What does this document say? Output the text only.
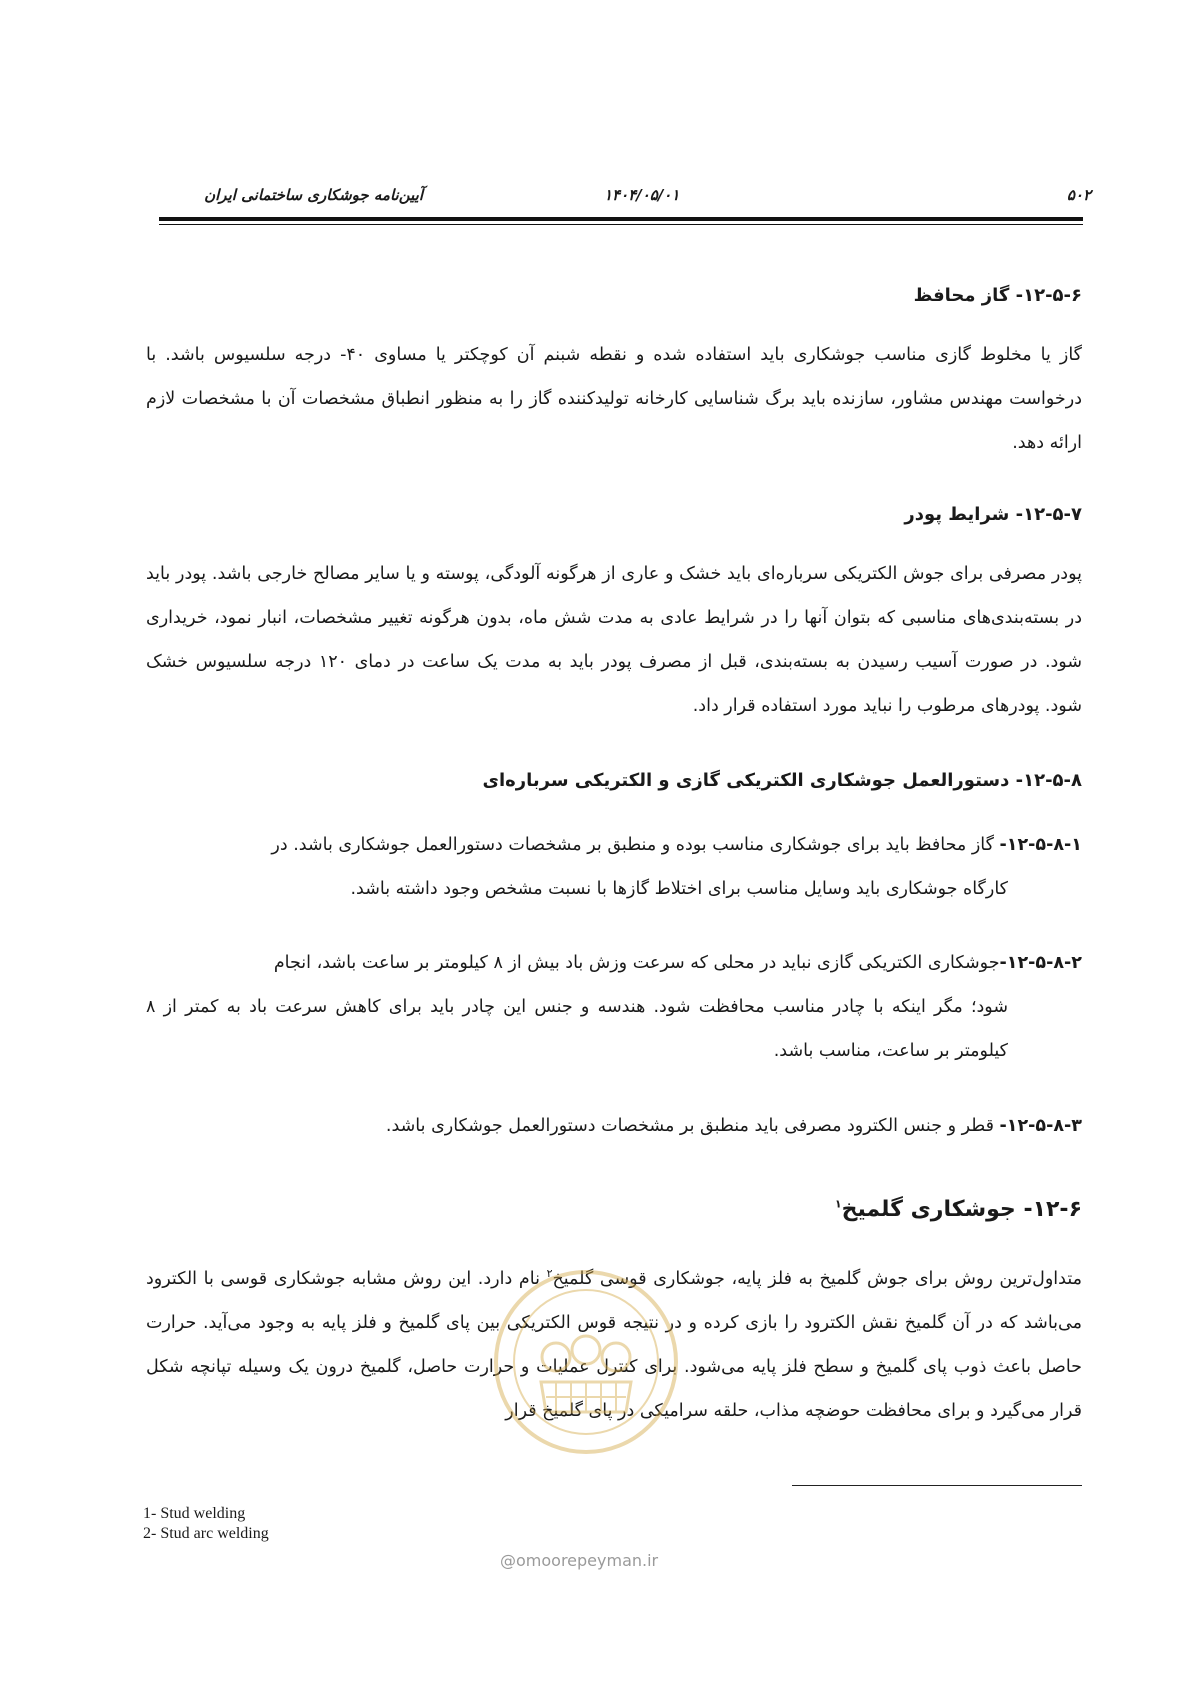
آیین‌نامه جوشکاری ساختمانی ایران	۱۴۰۴/۰۵/۰۱	۵۰۲
۱۲-۵-۶- گاز محافظ
گاز یا مخلوط گازی مناسب جوشکاری باید استفاده شده و نقطه شبنم آن کوچکتر یا مساوی ۴۰- درجه سلسیوس باشد. با درخواست مهندس مشاور، سازنده باید برگ شناسایی کارخانه تولیدکننده گاز را به منظور انطباق مشخصات آن با مشخصات لازم ارائه دهد.
۱۲-۵-۷- شرایط پودر
پودر مصرفی برای جوش الکتریکی سرباره‌ای باید خشک و عاری از هرگونه آلودگی، پوسته و یا سایر مصالح خارجی باشد. پودر باید در بسته‌بندی‌های مناسبی که بتوان آنها را در شرایط عادی به مدت شش ماه، بدون هرگونه تغییر مشخصات، انبار نمود، خریداری شود. در صورت آسیب رسیدن به بسته‌بندی، قبل از مصرف پودر باید به مدت یک ساعت در دمای ۱۲۰ درجه سلسیوس خشک شود. پودرهای مرطوب را نباید مورد استفاده قرار داد.
۱۲-۵-۸- دستورالعمل جوشکاری الکتریکی گازی و الکتریکی سرباره‌ای
۱۲-۵-۸-۱- گاز محافظ باید برای جوشکاری مناسب بوده و منطبق بر مشخصات دستورالعمل جوشکاری باشد. در
کارگاه جوشکاری باید وسایل مناسب برای اختلاط گازها با نسبت مشخص وجود داشته باشد.
۱۲-۵-۸-۲-جوشکاری الکتریکی گازی نباید در محلی که سرعت وزش باد بیش از ۸ کیلومتر بر ساعت باشد، انجام
شود؛ مگر اینکه با چادر مناسب محافظت شود. هندسه و جنس این چادر باید برای کاهش سرعت باد به کمتر از ۸ کیلومتر بر ساعت، مناسب باشد.
۱۲-۵-۸-۳- قطر و جنس الکترود مصرفی باید منطبق بر مشخصات دستورالعمل جوشکاری باشد.
۱۲-۶- جوشکاری گلمیخ$^۱$
متداول‌ترین روش برای جوش گلمیخ به فلز پایه، جوشکاری قوسی گلمیخ$^۲$ نام دارد. این روش مشابه جوشکاری قوسی با الکترود می‌باشد که در آن گلمیخ نقش الکترود را بازی کرده و در نتیجه قوس الکتریکی بین پای گلمیخ و فلز پایه به وجود می‌آید. حرارت حاصل باعث ذوب پای گلمیخ و سطح فلز پایه می‌شود. برای کنترل عملیات و حرارت حاصل، گلمیخ درون یک وسیله تپانچه شکل قرار می‌گیرد و برای محافظت حوضچه مذاب، حلقه سرامیکی در پای گلمیخ قرار
@omoorepeyman.ir
1- Stud welding
2- Stud arc welding
